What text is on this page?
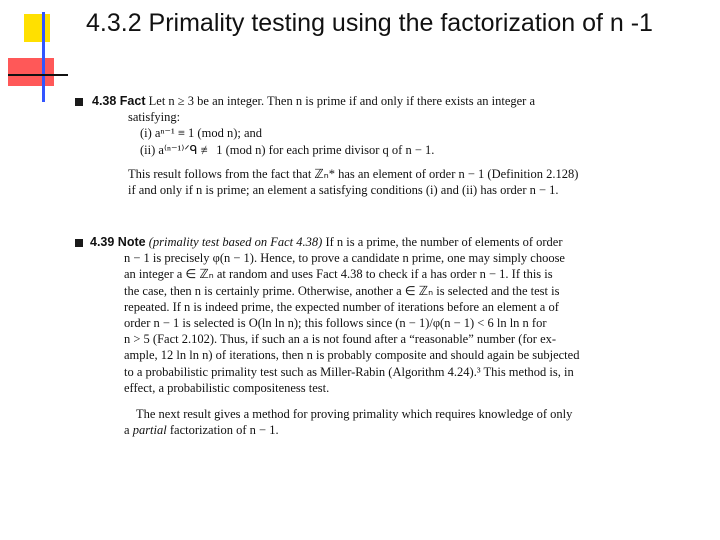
4.3.2 Primality testing using the factorization of n -1
4.38 Fact Let n ≥ 3 be an integer. Then n is prime if and only if there exists an integer a
satisfying:
(i) aⁿ⁻¹ ≡ 1 (mod n); and
(ii) a⁽ⁿ⁻¹⁾ᐟᑫ ≢ 1 (mod n) for each prime divisor q of n − 1.
This result follows from the fact that ℤₙ* has an element of order n − 1 (Definition 2.128)
if and only if n is prime; an element a satisfying conditions (i) and (ii) has order n − 1.
4.39 Note (primality test based on Fact 4.38) If n is a prime, the number of elements of order
n − 1 is precisely φ(n − 1). Hence, to prove a candidate n prime, one may simply choose
an integer a ∈ ℤₙ at random and uses Fact 4.38 to check if a has order n − 1. If this is
the case, then n is certainly prime. Otherwise, another a ∈ ℤₙ is selected and the test is
repeated. If n is indeed prime, the expected number of iterations before an element a of
order n − 1 is selected is O(ln ln n); this follows since (n − 1)/φ(n − 1) < 6 ln ln n for
n > 5 (Fact 2.102). Thus, if such an a is not found after a “reasonable” number (for ex-
ample, 12 ln ln n) of iterations, then n is probably composite and should again be subjected
to a probabilistic primality test such as Miller-Rabin (Algorithm 4.24).³ This method is, in
effect, a probabilistic compositeness test.
The next result gives a method for proving primality which requires knowledge of only
a partial factorization of n − 1.
